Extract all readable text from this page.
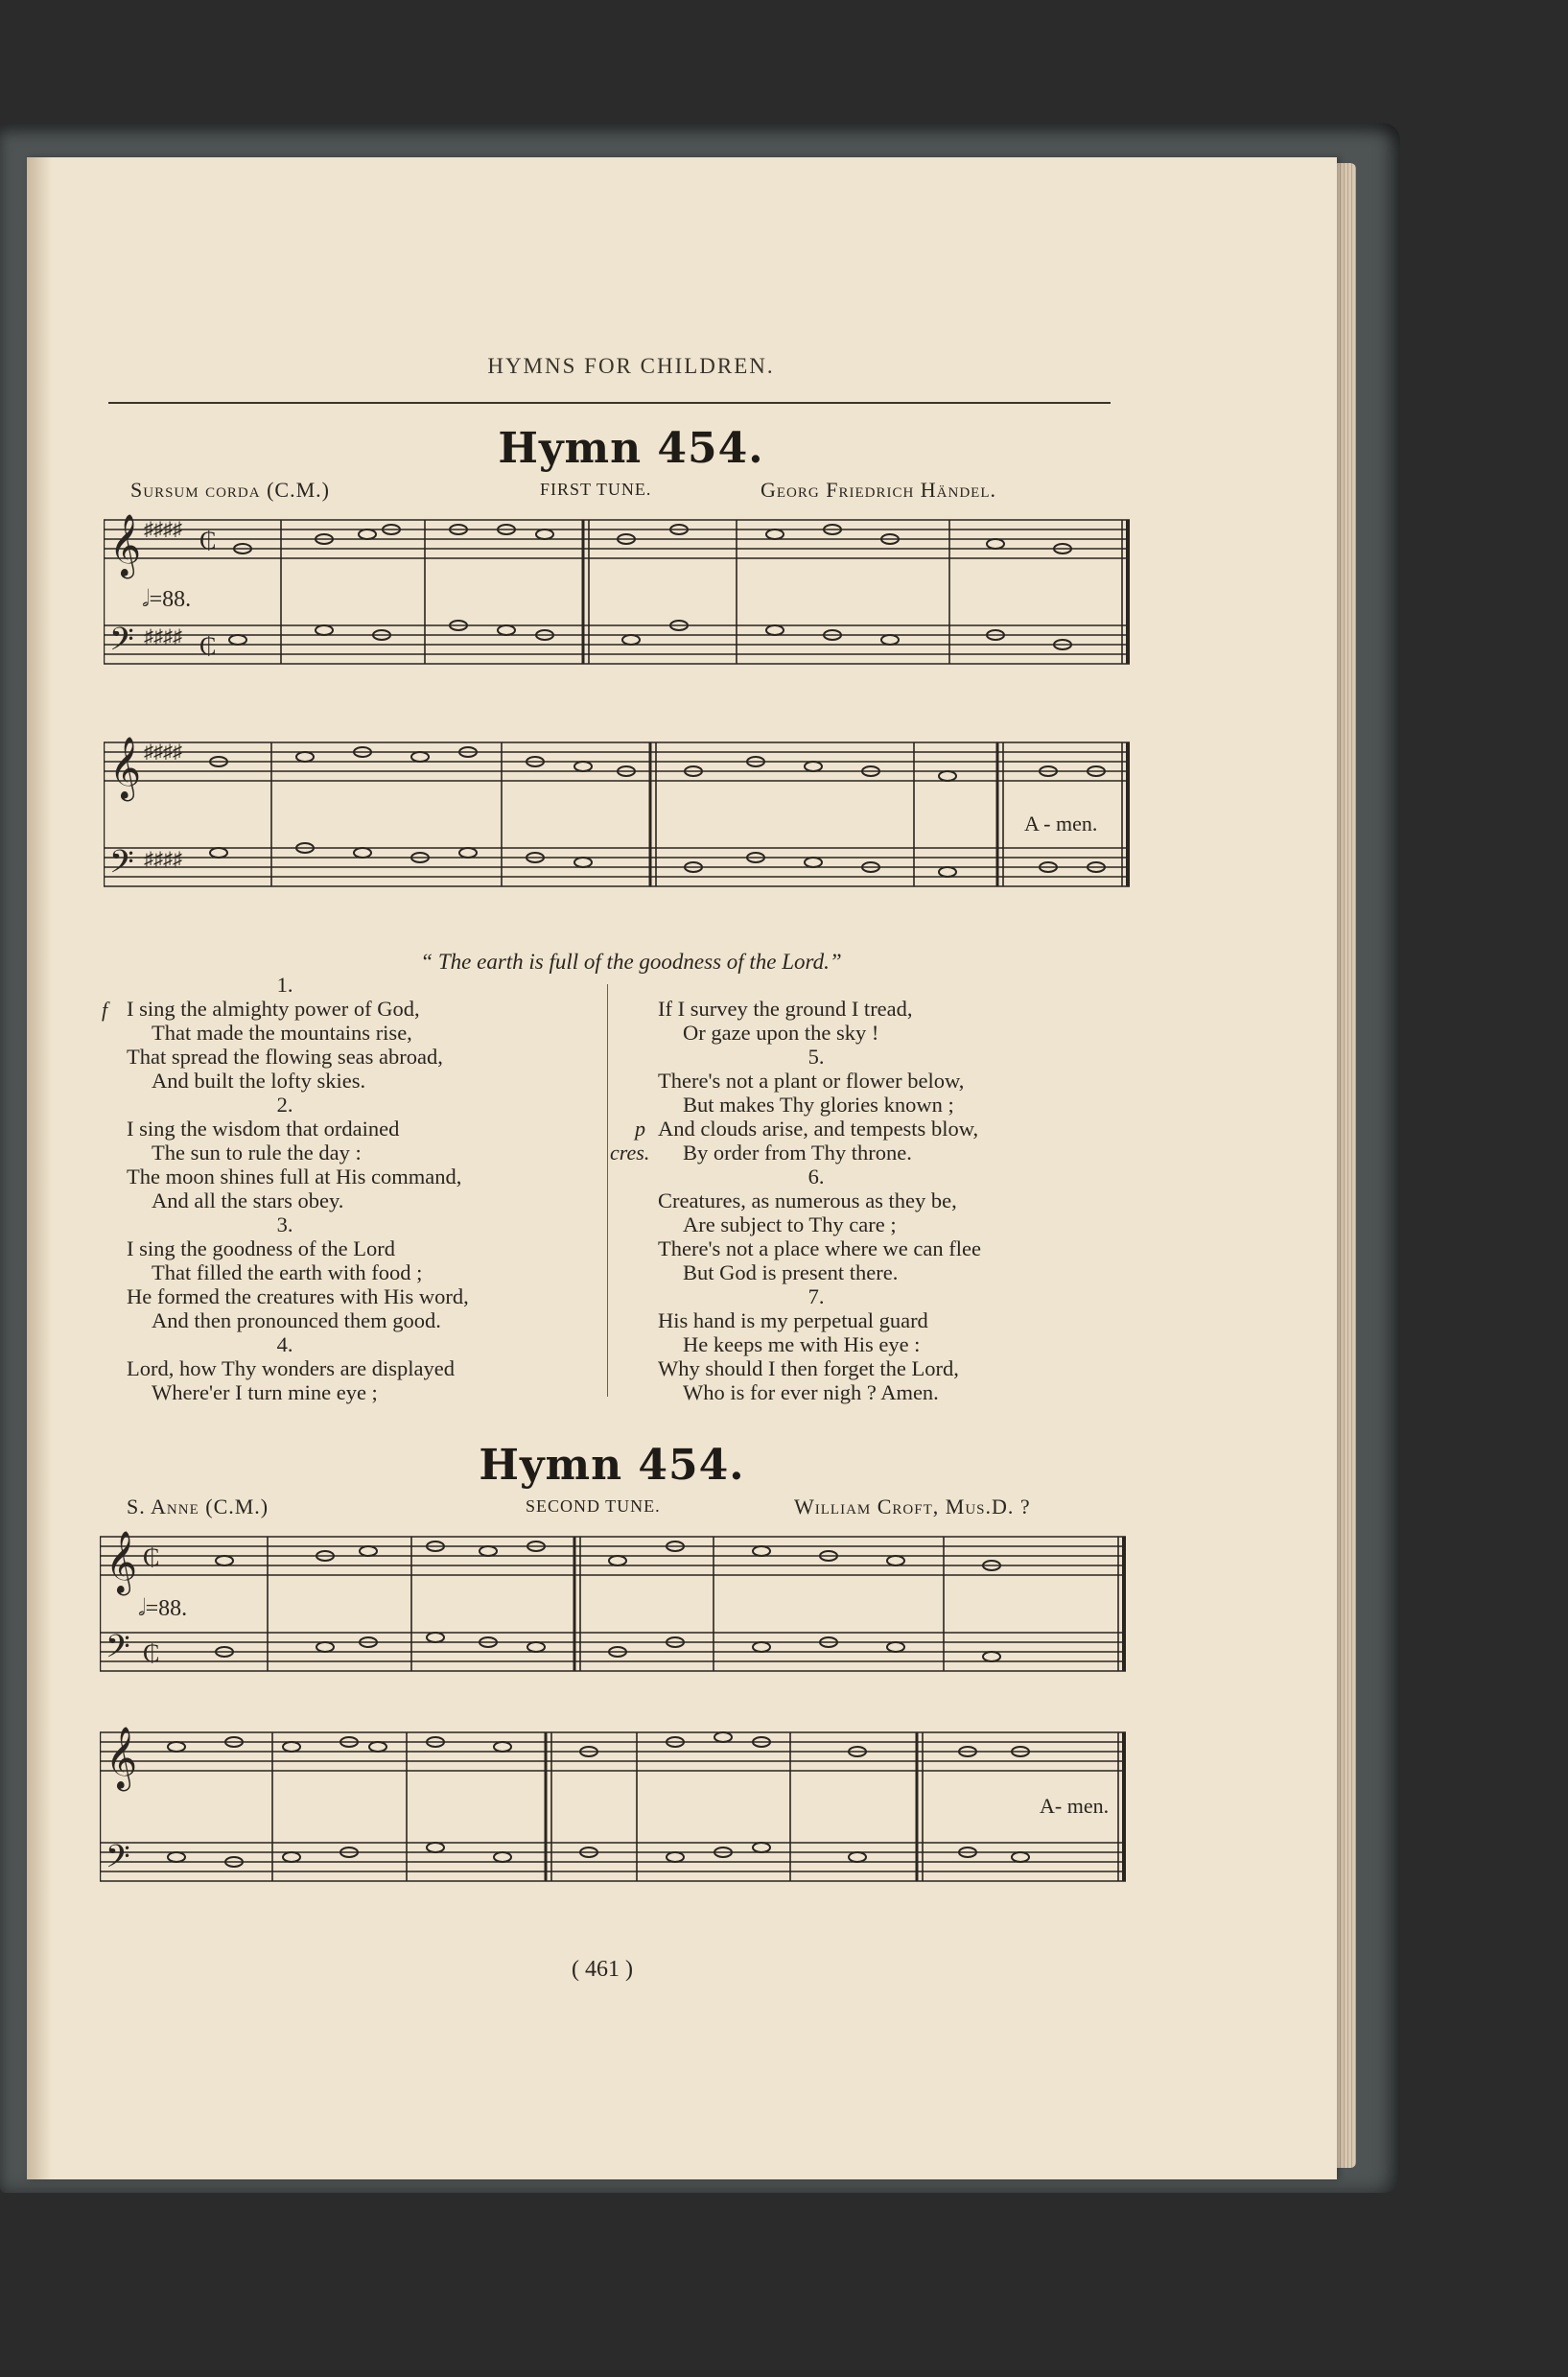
HYMNS FOR CHILDREN.
Hymn 454.
Sursum corda (C.M.)	FIRST TUNE.	Georg Friedrich Händel.
𝄞
𝄢
♯♯♯♯
♯♯♯♯
₵
₵
𝅗𝅥=88.
𝄞
𝄢
♯♯♯♯
♯♯♯♯
A - men.
“ The earth is full of the goodness of the Lord.”
f
p
cres.
1.
I sing the almighty power of God,
That made the mountains rise,
That spread the flowing seas abroad,
And built the lofty skies.
2.
I sing the wisdom that ordained
The sun to rule the day :
The moon shines full at His command,
And all the stars obey.
3.
I sing the goodness of the Lord
That filled the earth with food ;
He formed the creatures with His word,
And then pronounced them good.
4.
Lord, how Thy wonders are displayed
Where'er I turn mine eye ;
If I survey the ground I tread,
Or gaze upon the sky !
5.
There's not a plant or flower below,
But makes Thy glories known ;
And clouds arise, and tempests blow,
By order from Thy throne.
6.
Creatures, as numerous as they be,
Are subject to Thy care ;
There's not a place where we can flee
But God is present there.
7.
His hand is my perpetual guard
He keeps me with His eye :
Why should I then forget the Lord,
Who is for ever nigh ? Amen.
Hymn 454.
S. Anne (C.M.)	SECOND TUNE.	William Croft, Mus.D. ?
𝄞
𝄢
₵
₵
𝅗𝅥=88.
𝄞
𝄢
A- men.
( 461 )
